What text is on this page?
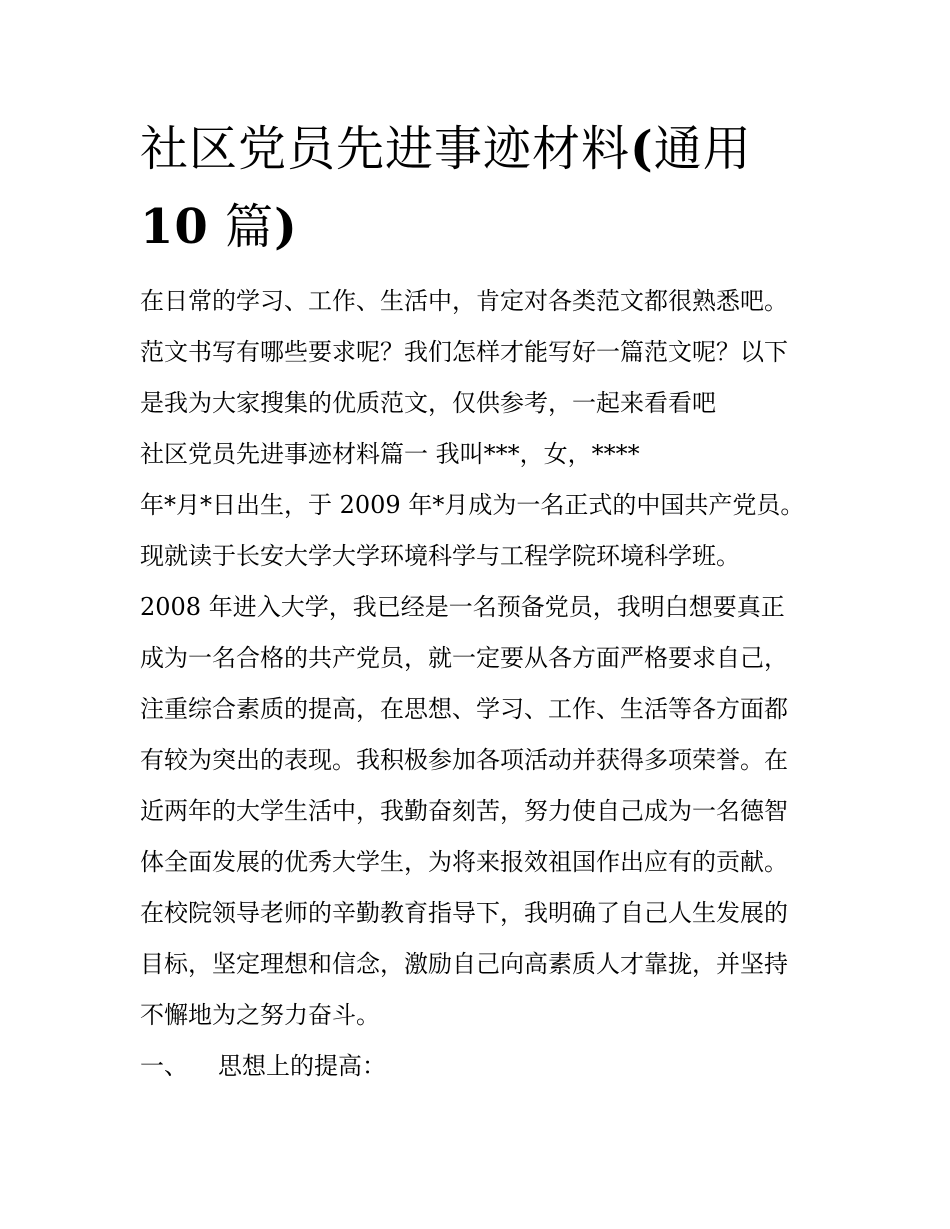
社区党员先进事迹材料(通用
10 篇)
在日常的学习、工作、生活中，肯定对各类范文都很熟悉吧。
范文书写有哪些要求呢？我们怎样才能写好一篇范文呢？以下
是我为大家搜集的优质范文，仅供参考，一起来看看吧
社区党员先进事迹材料篇一 我叫***，女，****
年*月*日出生，于 2009 年*月成为一名正式的中国共产党员。
现就读于长安大学大学环境科学与工程学院环境科学班。
2008 年进入大学，我已经是一名预备党员，我明白想要真正
成为一名合格的共产党员，就一定要从各方面严格要求自己，
注重综合素质的提高，在思想、学习、工作、生活等各方面都
有较为突出的表现。我积极参加各项活动并获得多项荣誉。在
近两年的大学生活中，我勤奋刻苦，努力使自己成为一名德智
体全面发展的优秀大学生，为将来报效祖国作出应有的贡献。
在校院领导老师的辛勤教育指导下，我明确了自己人生发展的
目标，坚定理想和信念，激励自己向高素质人才靠拢，并坚持
不懈地为之努力奋斗。
一、 思想上的提高：
